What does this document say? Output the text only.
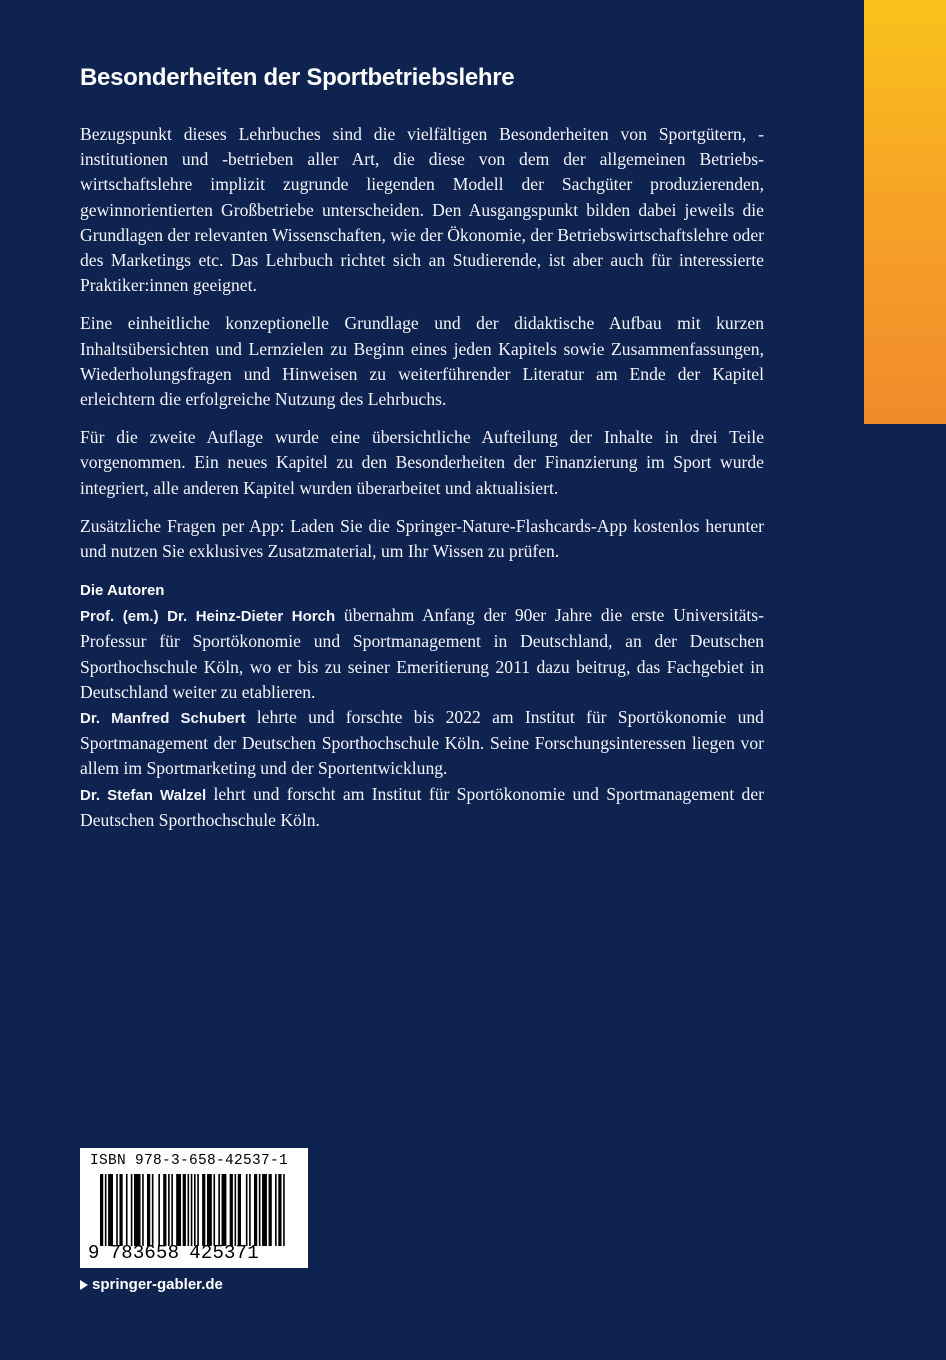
Besonderheiten der Sportbetriebslehre

Bezugspunkt dieses Lehrbuches sind die vielfältigen Besonderheiten von Sportgütern, -institutionen und -betrieben aller Art, die diese von dem der allgemeinen Betriebswirtschaftslehre implizit zugrunde liegenden Modell der Sachgüter produzierenden, gewinnorientierten Großbetriebe unterscheiden. Den Ausgangspunkt bilden dabei jeweils die Grundlagen der relevanten Wissenschaften, wie der Ökonomie, der Betriebswirtschaftslehre oder des Marketings etc. Das Lehrbuch richtet sich an Studierende, ist aber auch für interessierte Praktiker:innen geeignet.

Eine einheitliche konzeptionelle Grundlage und der didaktische Aufbau mit kurzen Inhaltsübersichten und Lernzielen zu Beginn eines jeden Kapitels sowie Zusammenfassungen, Wiederholungsfragen und Hinweisen zu weiterführender Literatur am Ende der Kapitel erleichtern die erfolgreiche Nutzung des Lehrbuchs.

Für die zweite Auflage wurde eine übersichtliche Aufteilung der Inhalte in drei Teile vorgenommen. Ein neues Kapitel zu den Besonderheiten der Finanzierung im Sport wurde integriert, alle anderen Kapitel wurden überarbeitet und aktualisiert.

Zusätzliche Fragen per App: Laden Sie die Springer-Nature-Flashcards-App kostenlos herunter und nutzen Sie exklusives Zusatzmaterial, um Ihr Wissen zu prüfen.

Die Autoren

Prof. (em.) Dr. Heinz-Dieter Horch übernahm Anfang der 90er Jahre die erste Universitäts-Professur für Sportökonomie und Sportmanagement in Deutschland, an der Deutschen Sporthochschule Köln, wo er bis zu seiner Emeritierung 2011 dazu beitrug, das Fachgebiet in Deutschland weiter zu etablieren.

Dr. Manfred Schubert lehrte und forschte bis 2022 am Institut für Sportökonomie und Sportmanagement der Deutschen Sporthochschule Köln. Seine Forschungsinteressen liegen vor allem im Sportmarketing und der Sportentwicklung.

Dr. Stefan Walzel lehrt und forscht am Institut für Sportökonomie und Sportmanagement der Deutschen Sporthochschule Köln.

ISBN 978-3-658-42537-1
9 783658 425371
springer-gabler.de
